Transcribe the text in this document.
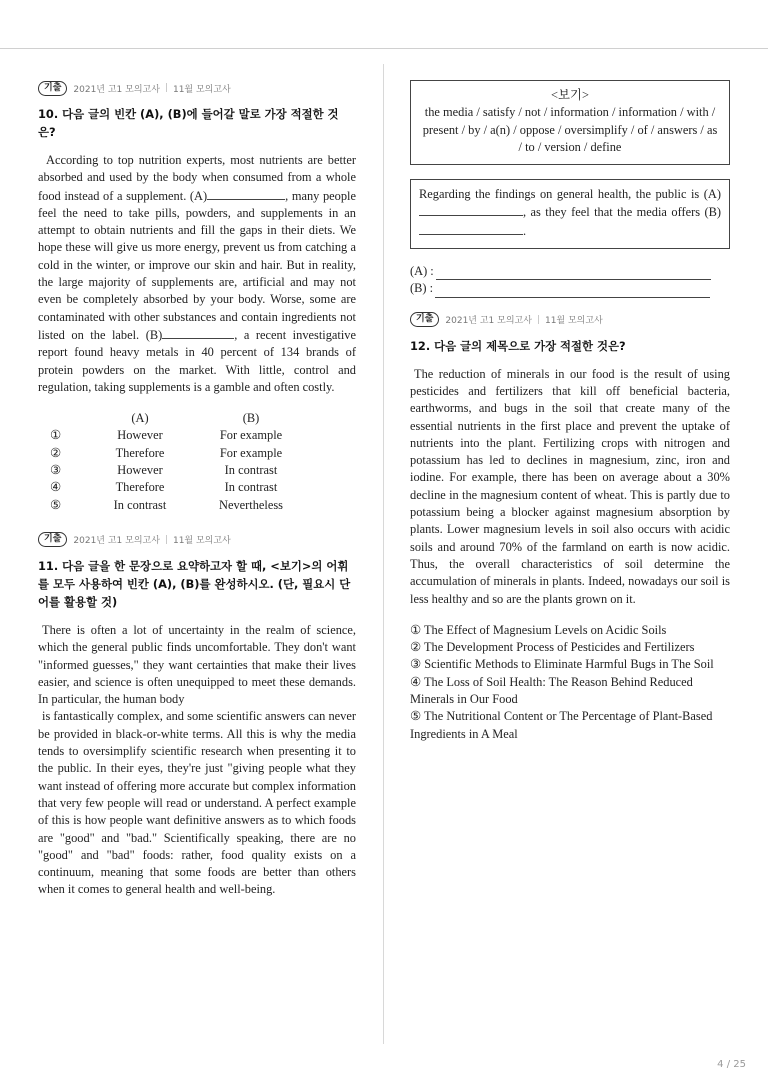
기출	2021년 고1 모의고사 | 11월 모의고사
10. 다음 글의 빈칸 (A), (B)에 들어갈 말로 가장 적절한 것은?

According to top nutrition experts, most nutrients are better absorbed and used by the body when consumed from a whole food instead of a supplement. (A)	, many people feel the need to take pills, powders, and supplements in an attempt to obtain nutrients and fill the gaps in their diets. We hope these will give us more energy, prevent us from catching a cold in the winter, or improve our skin and hair. But in reality, the large majority of supplements are, artificial and may not even be completely absorbed by your body. Worse, some are contaminated with other substances and contain ingredients not listed on the label. (B)	, a recent investigative report found heavy metals in 40 percent of 134 brands of protein powders on the market. With little, control and regulation, taking supplements is a gamble and often costly.

(A)	(B)
①	However	For example
②	Therefore	For example
③	However	In contrast
④	Therefore	In contrast
⑤	In contrast	Nevertheless
기출	2021년 고1 모의고사 | 11월 모의고사
11. 다음 글을 한 문장으로 요약하고자 할 때, <보기>의 어휘를 모두 사용하여 빈칸 (A), (B)를 완성하시오. (단, 필요시 단어를 활용할 것)

There is often a lot of uncertainty in the realm of science, which the general public finds uncomfortable. They don't want "informed guesses," they want certainties that make their lives easier, and science is often unequipped to meet these demands. In particular, the human body

is fantastically complex, and some scientific answers can never be provided in black-or-white terms. All this is why the media tends to oversimplify scientific research when presenting it to the public. In their eyes, they're just "giving people what they want instead of offering more accurate but complex information that very few people will read or understand. A perfect example of this is how people want definitive answers as to which foods are "good" and "bad." Scientifically speaking, there are no "good" and "bad" foods: rather, food quality exists on a continuum, meaning that some foods are better than others when it comes to general health and well-being.

<보기>
the media / satisfy / not / information / information / with / present / by / a(n) / oppose / oversimplify / of / answers / as / to / version / define
Regarding the findings on general health, the public is (A), as they feel that the media offers (B).
(A) :
(B) :
기출	2021년 고1 모의고사 | 11월 모의고사
12. 다음 글의 제목으로 가장 적절한 것은?

The reduction of minerals in our food is the result of using pesticides and fertilizers that kill off beneficial bacteria, earthworms, and bugs in the soil that create many of the essential nutrients in the first place and prevent the uptake of nutrients into the plant. Fertilizing crops with nitrogen and potassium has led to declines in magnesium, zinc, iron and iodine. For example, there has been on average about a 30% decline in the magnesium content of wheat. This is partly due to potassium being a blocker against magnesium absorption by plants. Lower magnesium levels in soil also occurs with acidic soils and around 70% of the farmland on earth is now acidic. Thus, the overall characteristics of soil determine the accumulation of minerals in plants. Indeed, nowadays our soil is less healthy and so are the plants grown on it.

① The Effect of Magnesium Levels on Acidic Soils
② The Development Process of Pesticides and Fertilizers
③ Scientific Methods to Eliminate Harmful Bugs in The Soil
④ The Loss of Soil Health: The Reason Behind Reduced Minerals in Our Food
⑤ The Nutritional Content or The Percentage of Plant-Based Ingredients in A Meal
4 / 25
